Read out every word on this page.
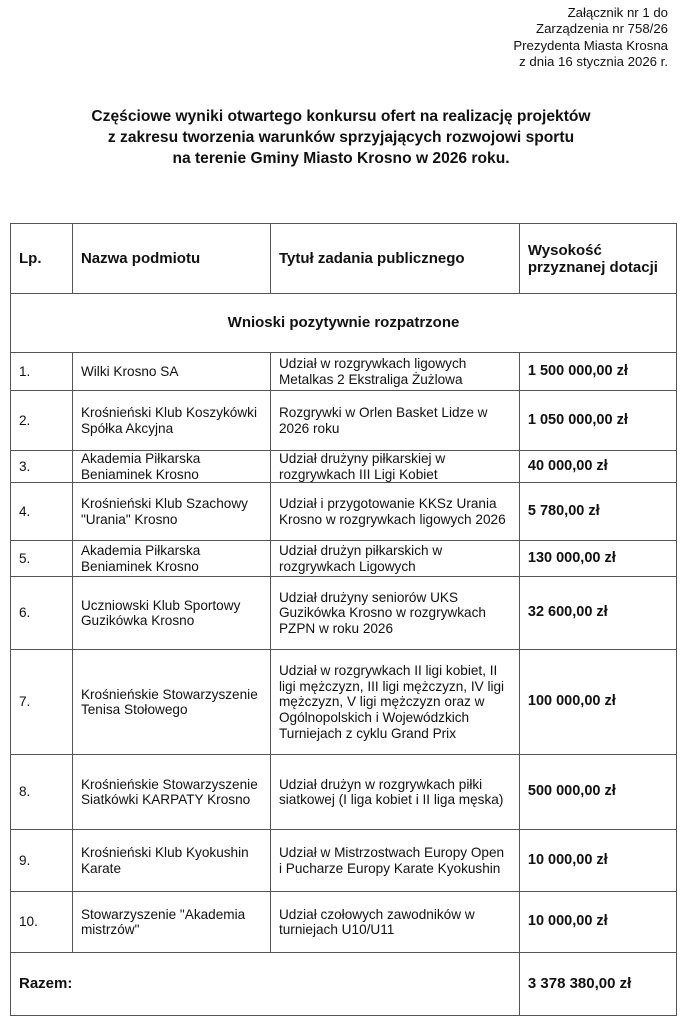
Załącznik nr 1 do
Zarządzenia nr 758/26
Prezydenta Miasta Krosna
z dnia 16 stycznia 2026 r.
Częściowe wyniki otwartego konkursu ofert na realizację projektów
z zakresu tworzenia warunków sprzyjających rozwojowi sportu
na terenie Gminy Miasto Krosno w 2026 roku.
Lp.	Nazwa podmiotu	Tytuł zadania publicznego	Wysokość przyznanej dotacji
Wnioski pozytywnie rozpatrzone			
1.	Wilki Krosno SA	Udział w rozgrywkach ligowych Metalkas 2 Ekstraliga Żużlowa	1 500 000,00 zł
2.	Krośnieński Klub Koszykówki Spółka Akcyjna	Rozgrywki w Orlen Basket Lidze w 2026 roku	1 050 000,00 zł
3.	Akademia Piłkarska Beniaminek Krosno	Udział drużyny piłkarskiej w rozgrywkach III Ligi Kobiet	40 000,00 zł
4.	Krośnieński Klub Szachowy "Urania" Krosno	Udział i przygotowanie KKSz Urania Krosno w rozgrywkach ligowych 2026	5 780,00 zł
5.	Akademia Piłkarska Beniaminek Krosno	Udział drużyn piłkarskich w rozgrywkach Ligowych	130 000,00 zł
6.	Uczniowski Klub Sportowy Guzikówka Krosno	Udział drużyny seniorów UKS Guzikówka Krosno w rozgrywkach PZPN w roku 2026	32 600,00 zł
7.	Krośnieńskie Stowarzyszenie Tenisa Stołowego	Udział w rozgrywkach II ligi kobiet, II ligi mężczyzn, III ligi mężczyzn, IV ligi mężczyzn, V ligi mężczyzn oraz w Ogólnopolskich i Wojewódzkich Turniejach z cyklu Grand Prix	100 000,00 zł
8.	Krośnieńskie Stowarzyszenie Siatkówki KARPATY Krosno	Udział drużyn w rozgrywkach piłki siatkowej (I liga kobiet i II liga męska)	500 000,00 zł
9.	Krośnieński Klub Kyokushin Karate	Udział w Mistrzostwach Europy Open i Pucharze Europy Karate Kyokushin	10 000,00 zł
10.	Stowarzyszenie "Akademia mistrzów"	Udział czołowych zawodników w turniejach U10/U11	10 000,00 zł
Razem:			3 378 380,00 zł
